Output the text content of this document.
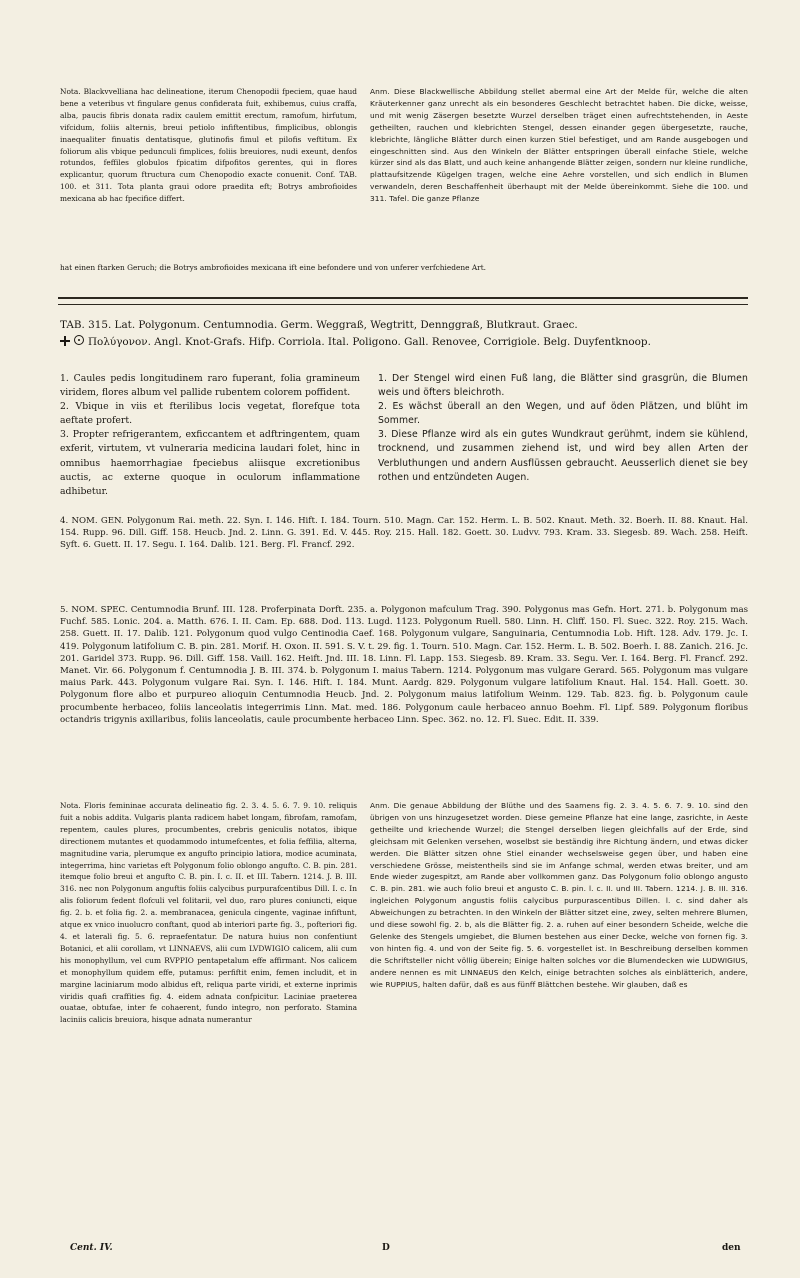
Nota. Blackvvelliana hac delineatione, iterum Chenopodii fpeciem, quae haud bene a veteribus vt fingulare genus confiderata fuit, exhibemus, cuius craffa, alba, paucis fibris donata radix caulem emittit erectum, ramofum, hirfutum, vifcidum, foliis alternis, breui petiolo infiftentibus, fimplicibus, oblongis inaequaliter finuatis dentatisque, glutinofis fimul et pilofis veftitum. Ex foliorum alis vbique pedunculi fimplices, foliis breuiores, nudi exeunt, denfos rotundos, feffiles globulos fpicatim difpofitos gerentes, qui in flores explicantur, quorum ftructura cum Chenopodio exacte conuenit. Conf. TAB. 100. et 311. Tota planta graui odore praedita eft; Botrys ambrofioides mexicana ab hac fpecifice differt.
Anm. Diese Blackwellische Abbildung stellet abermal eine Art der Melde für, welche die alten Kräuterkenner ganz unrecht als ein besonderes Geschlecht betrachtet haben. Die dicke, weisse, und mit wenig Zäsergen besetzte Wurzel derselben träget einen aufrechtstehenden, in Aeste getheilten, rauchen und klebrichten Stengel, dessen einander gegen übergesetzte, rauche, klebrichte, längliche Blätter durch einen kurzen Stiel befestiget, und am Rande ausgebogen und eingeschnitten sind. Aus den Winkeln der Blätter entspringen überall einfache Stiele, welche kürzer sind als das Blatt, und auch keine anhangende Blätter zeigen, sondern nur kleine rundliche, plattaufsitzende Kügelgen tragen, welche eine Aehre vorstellen, und sich endlich in Blumen verwandeln, deren Beschaffenheit überhaupt mit der Melde übereinkommt. Siehe die 100. und 311. Tafel. Die ganze Pflanze
hat einen ftarken Geruch; die Botrys ambrofioides mexicana ift eine befondere und von unferer verfchiedene Art.
TAB. 315. Lat. Polygonum. Centumnodia. Germ. Weggraß, Wegtritt, Dennggraß, Blutkraut. Graec.
Πολύγονον. Angl. Knot-Grafs. Hifp. Corriola. Ital. Poligono. Gall. Renovee, Corrigiole. Belg. Duyfentknoop.
1. Caules pedis longitudinem raro fuperant, folia gramineum viridem, flores album vel pallide rubentem colorem poffident.
2. Vbique in viis et fterilibus locis vegetat, florefque tota aeftate profert.
3. Propter refrigerantem, exficcantem et adftringentem, quam exferit, virtutem, vt vulneraria medicina laudari folet, hinc in omnibus haemorrhagiae fpeciebus aliisque excretionibus auctis, ac externe quoque in oculorum inflammatione adhibetur.
1. Der Stengel wird einen Fuß lang, die Blätter sind grasgrün, die Blumen weis und öfters bleichroth.
2. Es wächst überall an den Wegen, und auf öden Plätzen, und blüht im Sommer.
3. Diese Pflanze wird als ein gutes Wundkraut gerühmt, indem sie kühlend, trocknend, und zusammen ziehend ist, und wird bey allen Arten der Verbluthungen und andern Ausflüssen gebraucht. Aeusserlich dienet sie bey rothen und entzündeten Augen.
4. NOM. GEN. Polygonum Rai. meth. 22. Syn. I. 146. Hift. I. 184. Tourn. 510. Magn. Car. 152. Herm. L. B. 502. Knaut. Meth. 32. Boerh. II. 88. Knaut. Hal. 154. Rupp. 96. Dill. Giff. 158. Heucb. Jnd. 2. Linn. G. 391. Ed. V. 445. Roy. 215. Hall. 182. Goett. 30. Ludvv. 793. Kram. 33. Siegesb. 89. Wach. 258. Heift. Syft. 6. Guett. II. 17. Segu. I. 164. Dalib. 121. Berg. Fl. Francf. 292.
5. NOM. SPEC. Centumnodia Brunf. III. 128. Proferpinata Dorft. 235. a. Polygonon mafculum Trag. 390. Polygonus mas Gefn. Hort. 271. b. Polygonum mas Fuchf. 585. Lonic. 204. a. Matth. 676. I. II. Cam. Ep. 688. Dod. 113. Lugd. 1123. Polygonum Ruell. 580. Linn. H. Cliff. 150. Fl. Suec. 322. Roy. 215. Wach. 258. Guett. II. 17. Dalib. 121. Polygonum quod vulgo Centinodia Caef. 168. Polygonum vulgare, Sanguinaria, Centumnodia Lob. Hift. 128. Adv. 179. Jc. I. 419. Polygonum latifolium C. B. pin. 281. Morif. H. Oxon. II. 591. S. V. t. 29. fig. 1. Tourn. 510. Magn. Car. 152. Herm. L. B. 502. Boerh. I. 88. Zanich. 216. Jc. 201. Garidel 373. Rupp. 96. Dill. Giff. 158. Vaill. 162. Heift. Jnd. III. 18. Linn. Fl. Lapp. 153. Siegesb. 89. Kram. 33. Segu. Ver. I. 164. Berg. Fl. Francf. 292. Manet. Vir. 66. Polygonum f. Centumnodia J. B. III. 374. b. Polygonum I. maius Tabern. 1214. Polygonum mas vulgare Gerard. 565. Polygonum mas vulgare maius Park. 443. Polygonum vulgare Rai. Syn. I. 146. Hift. I. 184. Munt. Aardg. 829. Polygonum vulgare latifolium Knaut. Hal. 154. Hall. Goett. 30. Polygonum flore albo et purpureo alioquin Centumnodia Heucb. Jnd. 2. Polygonum maius latifolium Weinm. 129. Tab. 823. fig. b. Polygonum caule procumbente herbaceo, foliis lanceolatis integerrimis Linn. Mat. med. 186. Polygonum caule herbaceo annuo Boehm. Fl. Lipf. 589. Polygonum floribus octandris trigynis axillaribus, foliis lanceolatis, caule procumbente herbaceo Linn. Spec. 362. no. 12. Fl. Suec. Edit. II. 339.
Nota. Floris femininae accurata delineatio fig. 2. 3. 4. 5. 6. 7. 9. 10. reliquis fuit a nobis addita. Vulgaris planta radicem habet longam, fibrofam, ramofam, repentem, caules plures, procumbentes, crebris geniculis notatos, ibique directionem mutantes et quodammodo intumefcentes, et folia feffilia, alterna, magnitudine varia, plerumque ex angufto principio latiora, modice acuminata, integerrima, hinc varietas eft Polygonum folio oblongo angufto. C. B. pin. 281. itemque folio breui et angufto C. B. pin. I. c. II. et III. Tabern. 1214. J. B. III. 316. nec non Polygonum anguftis foliis calycibus purpurafcentibus Dill. I. c. In alis foliorum fedent flofculi vel folitarii, vel duo, raro plures coniuncti, eique fig. 2. b. et folia fig. 2. a. membranacea, genicula cingente, vaginae infiftunt, atque ex vnico inuolucro conftant, quod ab interiori parte fig. 3., pofteriori fig. 4. et laterali fig. 5. 6. repraefentatur. De natura huius non confentiunt Botanici, et alii corollam, vt LINNAEVS, alii cum LVDWIGIO calicem, alii cum his monophyllum, vel cum RVPPIO pentapetalum effe affirmant. Nos calicem et monophyllum quidem effe, putamus: perfiftit enim, femen includit, et in margine laciniarum modo albidus eft, reliqua parte viridi, et externe inprimis viridis quafi craffities fig. 4. eidem adnata confpicitur. Laciniae praeterea ouatae, obtufae, inter fe cohaerent, fundo integro, non perforato. Stamina laciniis calicis breuiora, hisque adnata numerantur
Anm. Die genaue Abbildung der Blüthe und des Saamens fig. 2. 3. 4. 5. 6. 7. 9. 10. sind den übrigen von uns hinzugesetzet worden. Diese gemeine Pflanze hat eine lange, zasrichte, in Aeste getheilte und kriechende Wurzel; die Stengel derselben liegen gleichfalls auf der Erde, sind gleichsam mit Gelenken versehen, woselbst sie beständig ihre Richtung ändern, und etwas dicker werden. Die Blätter sitzen ohne Stiel einander wechselsweise gegen über, und haben eine verschiedene Grösse, meistentheils sind sie im Anfange schmal, werden etwas breiter, und am Ende wieder zugespitzt, am Rande aber vollkommen ganz. Das Polygonum folio oblongo angusto C. B. pin. 281. wie auch folio breui et angusto C. B. pin. l. c. II. und III. Tabern. 1214. J. B. III. 316. ingleichen Polygonum angustis foliis calycibus purpurascentibus Dillen. l. c. sind daher als Abweichungen zu betrachten. In den Winkeln der Blätter sitzet eine, zwey, selten mehrere Blumen, und diese sowohl fig. 2. b, als die Blätter fig. 2. a. ruhen auf einer besondern Scheide, welche die Gelenke des Stengels umgiebet, die Blumen bestehen aus einer Decke, welche von fornen fig. 3. von hinten fig. 4. und von der Seite fig. 5. 6. vorgestellet ist. In Beschreibung derselben kommen die Schriftsteller nicht völlig überein; Einige halten solches vor die Blumendecken wie LUDWIGIUS, andere nennen es mit LINNAEUS den Kelch, einige betrachten solches als einblätterich, andere, wie RUPPIUS, halten dafür, daß es aus fünff Blättchen bestehe. Wir glauben, daß es
Cent. IV.	D	den
